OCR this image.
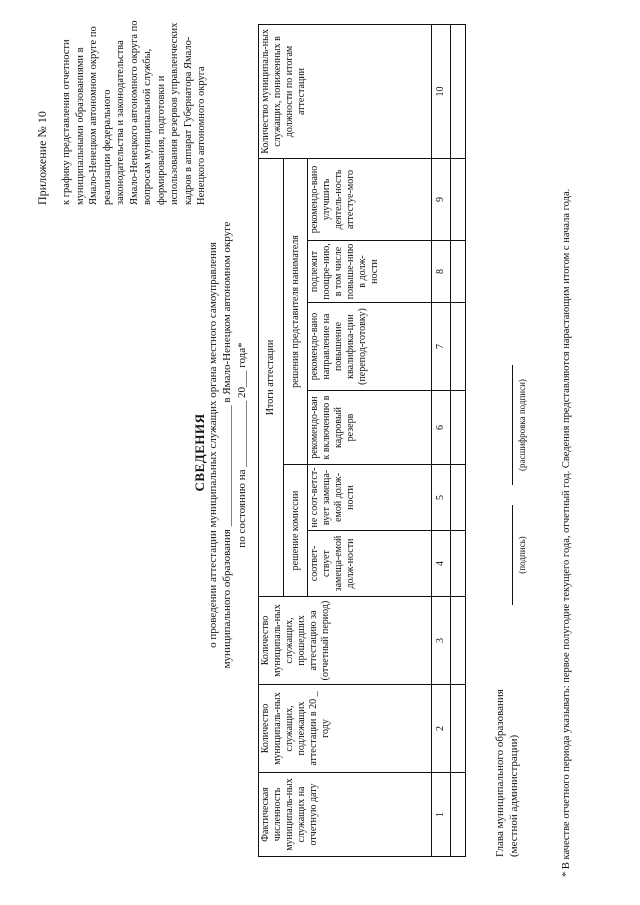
Приложение № 10 к графику представления отчетности муниципальными образованиями в Ямало-Ненецком автономном округе по реализации федерального законодательства и законодательства Ямало-Ненецкого автономного округа по вопросам муниципальной службы, формирования, подготовки и использования резервов управленческих кадров в аппарат Губернатора Ямало-Ненецкого автономного округа
СВЕДЕНИЯ о проведении аттестации муниципальных служащих органа местного самоуправления муниципального образования ______________________ в Ямало-Ненецком автономном округе по состоянию на ____________ 20___ года*
Фактическая численность муниципаль-ных служащих на отчетную дату	Количество муниципаль-ных служащих, подлежащих аттестации в 20 _ году	Количество муниципаль-ных служащих, прошедших аттестацию за (отчетный период)	Итоги аттестации						Количество муниципаль-ных служащих, пониженных в должности по итогам аттестации
			решение комиссии		решения представителя нанимателя				
			соответ-ствует замеща-емой долж-ности	не соот-ветст-вует замеща-емой долж-ности	рекомендо-ван к включению в кадровый резерв	рекомендо-вано направление на повышение квалифика-ции (перепод-готовку)	подлежит поощре-нию, в том числе повыше-нию в долж-ности	рекомендо-вано улучшить деятель-ность аттестуе-мого	
1	2	3	4	5	6	7	8	9	10

Глава муниципального образования (местной администрации)
(подпись)
(расшифровка подписи)	* В качестве отчетного периода указывать: первое полугодие текущего года, отчетный год. Сведения представляются нарастающим итогом с начала года.
